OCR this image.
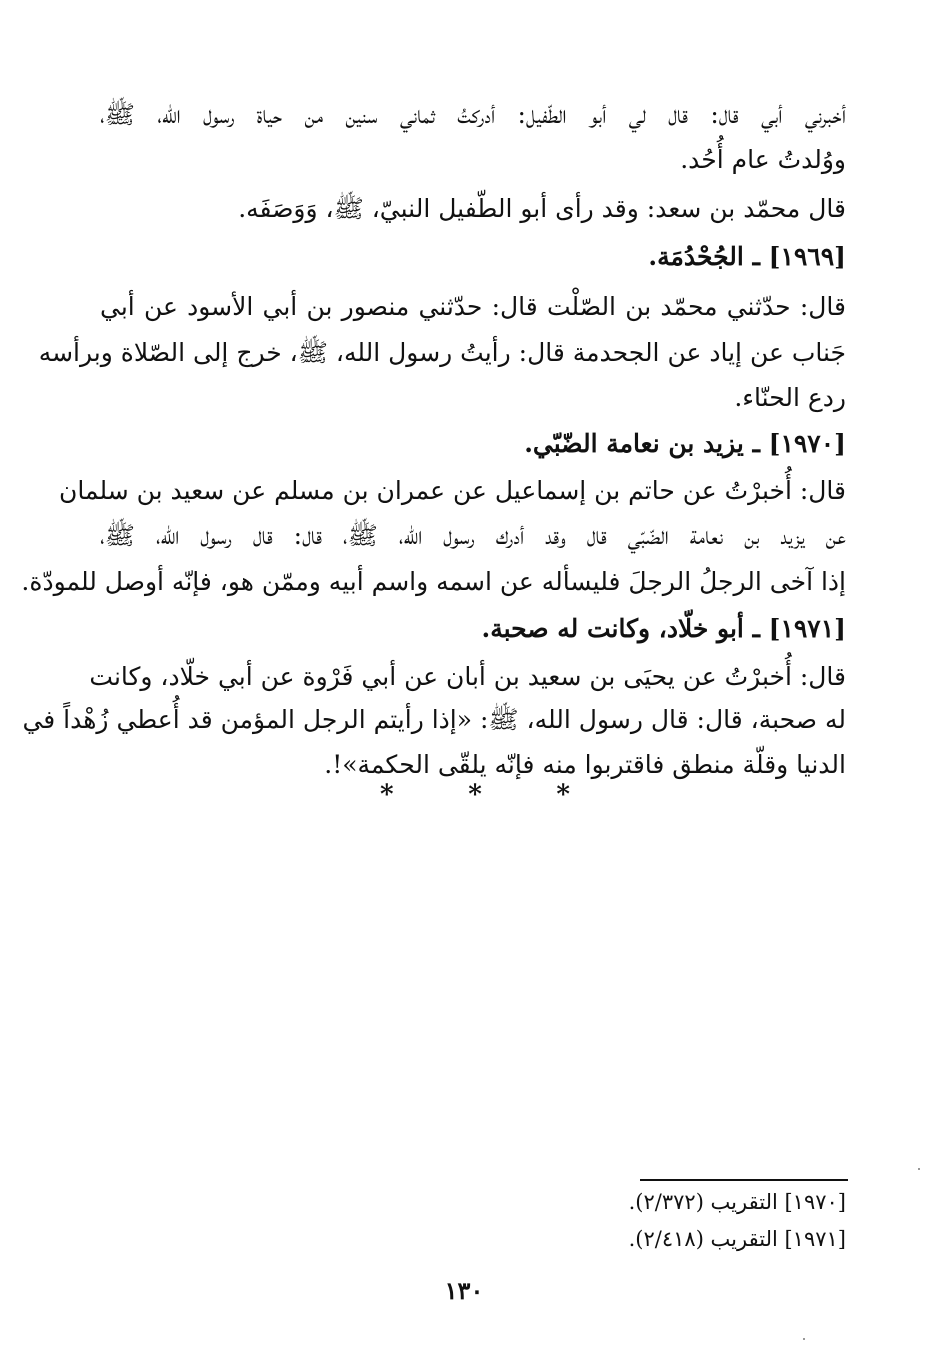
أخبرني أبي قال: قال لي أبو الطّفيل: أدركتُ ثماني سنين من حياة رسول الله، ﷺ،
ووُلدتُ عام أُحُد.
قال محمّد بن سعد: وقد رأى أبو الطّفيل النبيّ، ﷺ، وَوَصَفَه.
[١٩٦٩] ـ الجُحْدُمَة.
قال: حدّثني محمّد بن الصّلْت قال: حدّثني منصور بن أبي الأسود عن أبي
جَناب عن إياد عن الجحدمة قال: رأيتُ رسول الله، ﷺ، خرج إلى الصّلاة وبرأسه
ردع الحنّاء.
[١٩٧٠] ـ يزيد بن نعامة الضّبّي.
قال: أُخبرْتُ عن حاتم بن إسماعيل عن عمران بن مسلم عن سعيد بن سلمان
عن يزيد بن نعامة الضّبّي قال وقد أدرك رسول الله، ﷺ، قال: قال رسول الله، ﷺ،
إذا آخى الرجلُ الرجلَ فليسأله عن اسمه واسم أبيه وممّن هو، فإنّه أوصل للمودّة.
[١٩٧١] ـ أبو خلّاد، وكانت له صحبة.
قال: أُخبرْتُ عن يحيَى بن سعيد بن أبان عن أبي فَرْوة عن أبي خلّاد، وكانت
له صحبة، قال: قال رسول الله، ﷺ: «إذا رأيتم الرجل المؤمن قد أُعطي زُهْداً في
الدنيا وقلّة منطق فاقتربوا منه فإنّه يلقّى الحكمة»!.
*	*	*
[١٩٧٠] التقريب (٢/٣٧٢).
[١٩٧١] التقريب (٢/٤١٨).
١٣٠
